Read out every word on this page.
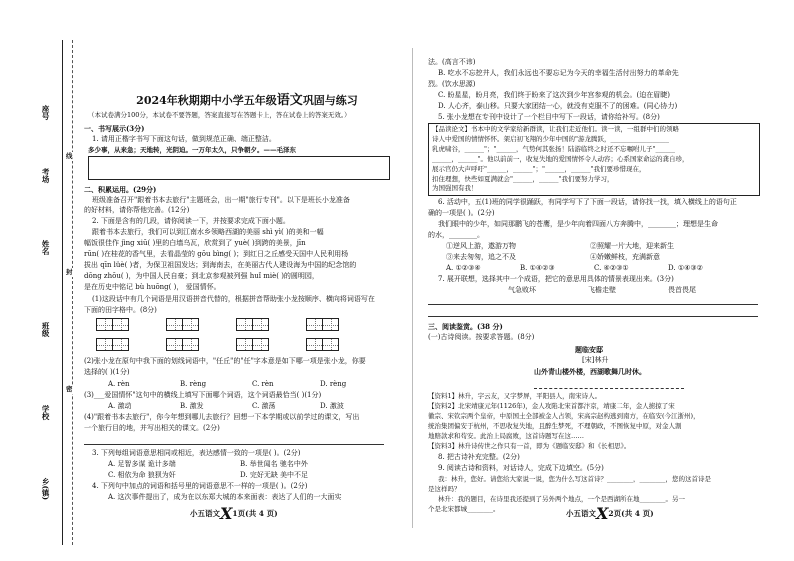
座号
考场
姓名
班级
学校
乡(镇)
线
封
密
2024年秋期期中小学五年级语文巩固与练习
（本试卷满分100分，本试卷不要答题，答案直接写在答题卡上，答在试卷上的答案无效。）
一、书写展示(3分)
1. 请用正楷字书写下面这句话，做到规范正确、端正整洁。
多少事，从来急；天地转，光阴迫。一万年太久，只争朝夕。——毛泽东
二、积累运用。(29分)
班级准备召开"跟着书本去旅行"主题班会，出一期"旅行专刊"。以下是班长小龙准备
的好材料，请你帮他完善。(12分)
2. 下面是含有的几段，请你阅读一下，并按要求完成下面小题。
跟着书本去旅行，我们可以到江南水乡领略西湖的美丽 shì yì( )的美和一幅
幅饭很佳作 jìng xiū( )里的白墙乌瓦，欣赏到了 yuè( )到跨的美景，jīn
rūn( )在桂花的香气里，去看晶莹的 gōu bìng( )；到红日之丘感受天国中人民利用杨
拔出 qīn lüè( )者，为保卫祖国发达；到海南去，在美丽古代人建设海为中国的纪念馆的
dōng zhōu( )，为中国人民自豪；到北京参观被列强 huǐ miè( )的圆明园，
是在历史中铭记 bù huōng( )， 爱国情怀。
(1)这段话中有几个词语是用汉语拼音代替的，根据拼音帮助张小龙按顺序、横向将词语写在
下面的田字格中。(8分)
(2)张小龙在原句中我下面的划线词语中，"任丘"的"任"字本意是如下哪一项是张小龙，你要
选择的( )(1分)
A. rèn	B. rèng	C. rèn	D. rèng
(3)___爱国情怀"这句中的横线上填写下面哪个词语，这个词语最恰当( )(1分)
A. 激动	B. 激发	C. 激荡	D. 激波
(4)"跟着书本去旅行"，你今年想到哪儿去旅行？回想一下本学期或以前学过的课文，写出
一个旅行目的地，并写出相关的课文。(2分)
3. 下列每组词语意思相同或相近，表达感情一致的一项是( )。(2分)
A. 足智多谋 诡计多端	B. 举世闻名 驰名中外
C. 相依为命 狼狈为奸	D. 完好无缺 美中不足
4. 下列句中加点的词语和括号里的词语意思不一样的一项是( )。(2分)
A. 这次事件提出了，成为在以东郑大城的本来面表：表达了人们的一大面实
小五语文X1页(共 4 页)
法。(高言不讳)
B. 吃水不忘挖井人，我们永远也不要忘记为今天的幸福生活付出努力的革命先
烈。(饮水思源)
C. 盼星星，盼月亮，我们终于盼来了这次到少年宫参观的机会。(迫在眉睫)
D. 人心齐，泰山移。只要大家团结一心，就没有克服不了的困难。(同心协力)
5. 张小龙想在专刊中设计了一个栏目中写下一段话，请你给补写。(8分)
【品读论文】书本中的文学家给新群读，让我们走近他们。读一读，一组群中们的领略
诗人中爱国的情情怀怀。架启初飞翔的少年中国的"游龙腾跃，__________________
乳虎啸谷，______"；"______，气势何其张扬！陆游临终之时还不忘嘱咐儿子"______
______，______"。他以前前一，收复失地的爱国情怀令人动容；心系国家命运的龚自珍，
展示官仍大声呼吁"______，______"；"______，______"我们要珍惜现在，
扣住理想，快些如夏满就会"______，______"我们要努力学习，
为国强国有我！
6. 活动中，五(1)班的同学很踊跃，有同学写下了下面一段话，请你找一找，填入横线上的语句正
确的一项是( )。(2分)
我们眼中的少年，如同那鹏飞的苍鹰，是少年向着四面八方奔腾中，________；理想是生命
的水，________。
①逆风上游，遨游万物	②照耀一片大地，迎来新生
③来去匆匆，追之不及	④娇嫩鲜枝，充满新意
A. ①②③④	B. ①④②③	C. ④②③①	D. ①④③②
7. 展开联想，选择其中一个成语，把它的意思用具体的情景表现出来。(3分)
气急败坏	飞檐走壁	畏首畏尾
三、阅读鉴赏。(38 分)
(一)古诗阅读。按要求答题。(8分)
题临安邸
[宋]林升
山外青山楼外楼，西湖歌舞几时休。
【资料1】林升，字云友，又字梦屏，平阳县人，南宋诗人。
【资料2】北宋靖康元年(1126年)，金人攻陷北宋首都汴京，靖康二年，金人掳掠了宋
徽宗、宋钦宗两个皇帝，中原国土全部被金人占领，宋高宗赵构逃到南方，在临安(今江浙州)，
统治集团偏安于杭州，不思收复失地，且醉生梦死，不理朝政，不图恢复中原，对金人割
地赔款求和苟安。此治上局腐败，这首诗题写在这……
【资料3】林升诗传世之作只有一首，即为《题临安邸》和《长相思》。
8. 把古诗补充完整。(2分)
9. 阅读古诗和资料，对话诗人，完成下边填空。(5分)
我：林升，您好。请您给大家说一说，您为什么写这首诗？________，________，您的这首诗是
是这样吗？
林升：我的题目，在诗里我还提到了另外两个地点，一个是西湖所在地________。另一
个是北宋都城________。	小五语文X2页(共 4 页)
